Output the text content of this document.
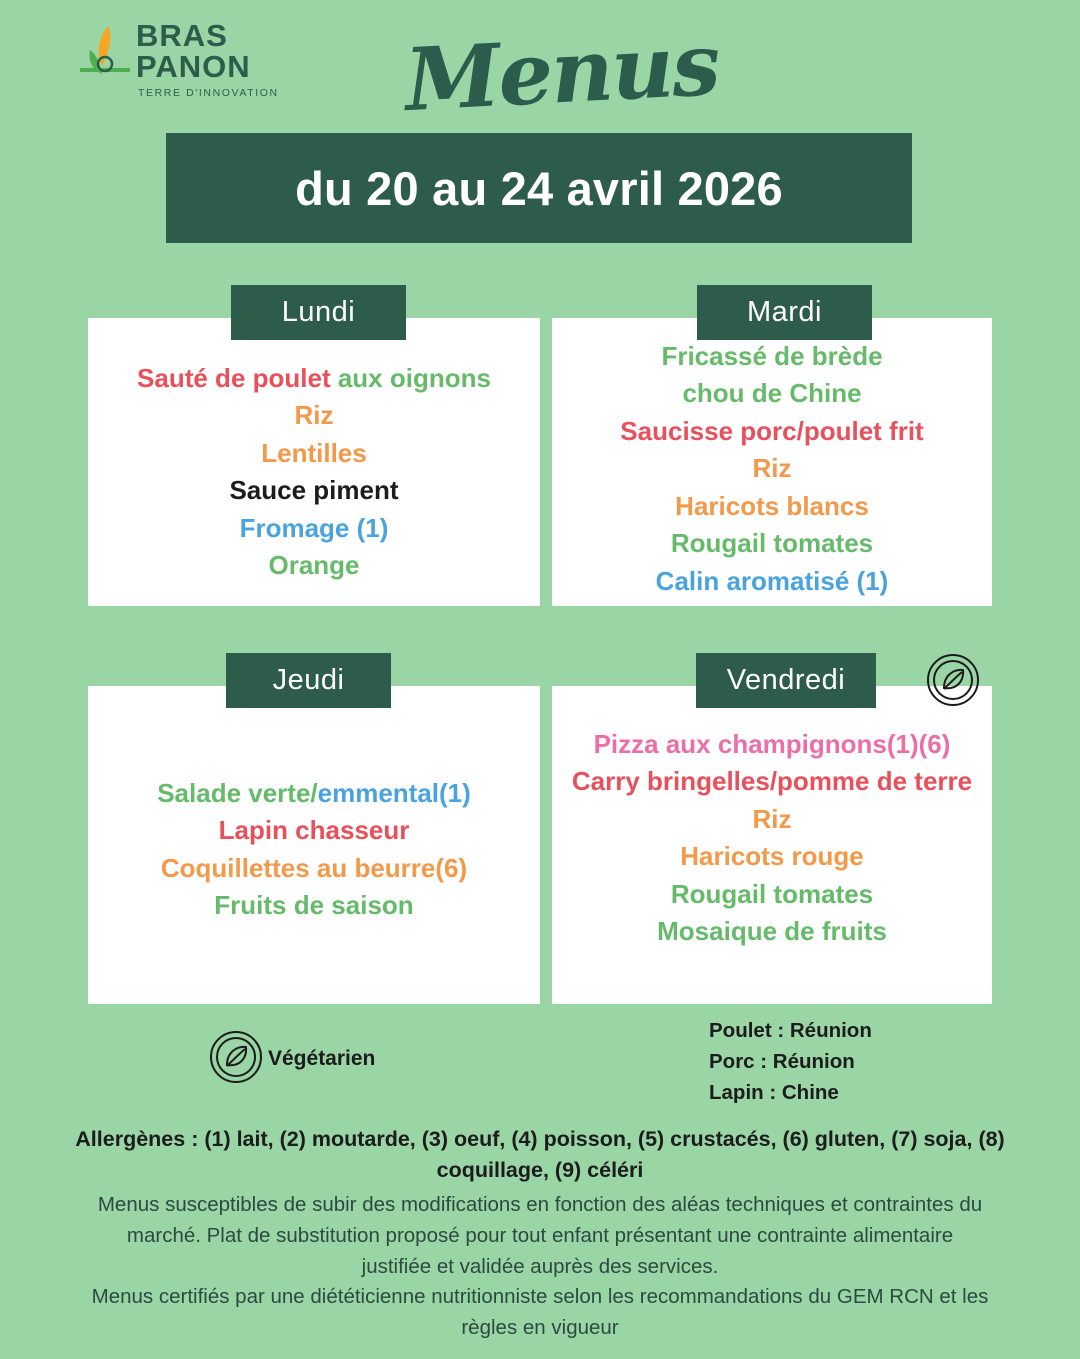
BRAS
PANON
TERRE D'INNOVATION Menus
du 20 au 24 avril 2026
Lundi
Sauté de poulet aux oignons
Riz
Lentilles
Sauce piment
Fromage (1)
Orange
Mardi
Fricassé de brède
chou de Chine
Saucisse porc/poulet frit
Riz
Haricots blancs
Rougail tomates
Calin aromatisé (1)
Jeudi
Salade verte/emmental(1)
Lapin chasseur
Coquillettes au beurre(6)
Fruits de saison
Vendredi
Pizza aux champignons(1)(6)
Carry bringelles/pomme de terre
Riz
Haricots rouge
Rougail tomates
Mosaique de fruits
Végétarien
Poulet : Réunion
Porc : Réunion
Lapin : Chine
Allergènes : (1) lait, (2) moutarde, (3) oeuf, (4) poisson, (5) crustacés, (6) gluten, (7) soja, (8) coquillage, (9) céléri
Menus susceptibles de subir des modifications en fonction des aléas techniques et contraintes du marché. Plat de substitution proposé pour tout enfant présentant une contrainte alimentaire justifiée et validée auprès des services.
Menus certifiés par une diététicienne nutritionniste selon les recommandations du GEM RCN et les règles en vigueur
